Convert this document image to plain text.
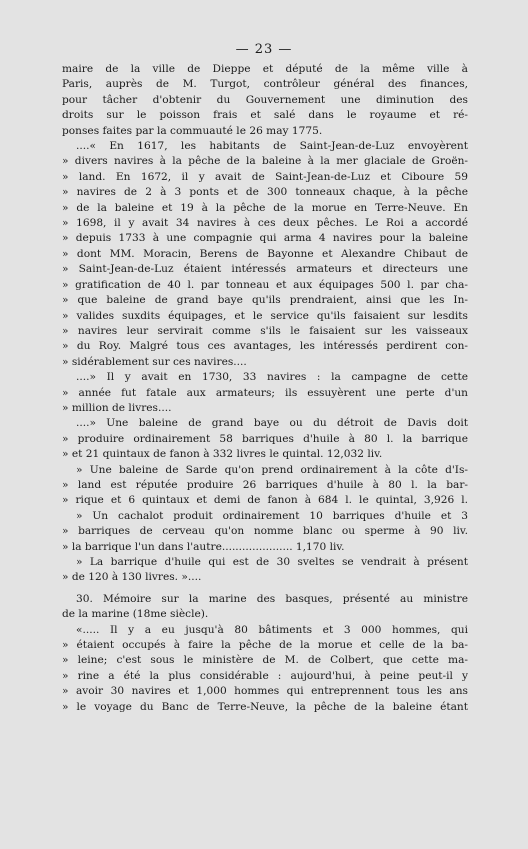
— 23 —
maire de la ville de Dieppe et député de la même ville à
Paris, auprès de M. Turgot, contrôleur général des finances,
pour tâcher d'obtenir du Gouvernement une diminution des
droits sur le poisson frais et salé dans le royaume et ré-
ponses faites par la commuauté le 26 may 1775.
....« En 1617, les habitants de Saint-Jean-de-Luz envoyèrent
» divers navires à la pêche de la baleine à la mer glaciale de Groën-
» land. En 1672, il y avait de Saint-Jean-de-Luz et Ciboure 59
» navires de 2 à 3 ponts et de 300 tonneaux chaque, à la pêche
» de la baleine et 19 à la pêche de la morue en Terre-Neuve. En
» 1698, il y avait 34 navires à ces deux pêches. Le Roi a accordé
» depuis 1733 à une compagnie qui arma 4 navires pour la baleine
» dont MM. Moracin, Berens de Bayonne et Alexandre Chibaut de
» Saint-Jean-de-Luz étaient intéressés armateurs et directeurs une
» gratification de 40 l. par tonneau et aux équipages 500 l. par cha-
» que baleine de grand baye qu'ils prendraient, ainsi que les In-
» valides suxdits équipages, et le service qu'ils faisaient sur lesdits
» navires leur servirait comme s'ils le faisaient sur les vaisseaux
» du Roy. Malgré tous ces avantages, les intéressés perdirent con-
» sidérablement sur ces navires....
....» Il y avait en 1730, 33 navires : la campagne de cette
» année fut fatale aux armateurs; ils essuyèrent une perte d'un
» million de livres....
....» Une baleine de grand baye ou du détroit de Davis doit
» produire ordinairement 58 barriques d'huile à 80 l. la barrique
» et 21 quintaux de fanon à 332 livres le quintal. 12,032 liv.
» Une baleine de Sarde qu'on prend ordinairement à la côte d'Is-
» land est réputée produire 26 barriques d'huile à 80 l. la bar-
» rique et 6 quintaux et demi de fanon à 684 l. le quintal, 3,926 l.
» Un cachalot produit ordinairement 10 barriques d'huile et 3
» barriques de cerveau qu'on nomme blanc ou sperme à 90 liv.
» la barrique l'un dans l'autre..................... 1,170 liv.
» La barrique d'huile qui est de 30 sveltes se vendrait à présent
» de 120 à 130 livres. »....
30. Mémoire sur la marine des basques, présenté au ministre
de la marine (18me siècle).
«..... Il y a eu jusqu'à 80 bâtiments et 3 000 hommes, qui
» étaient occupés à faire la pêche de la morue et celle de la ba-
» leine; c'est sous le ministère de M. de Colbert, que cette ma-
» rine a été la plus considérable : aujourd'hui, à peine peut-il y
» avoir 30 navires et 1,000 hommes qui entreprennent tous les ans
» le voyage du Banc de Terre-Neuve, la pêche de la baleine étant
